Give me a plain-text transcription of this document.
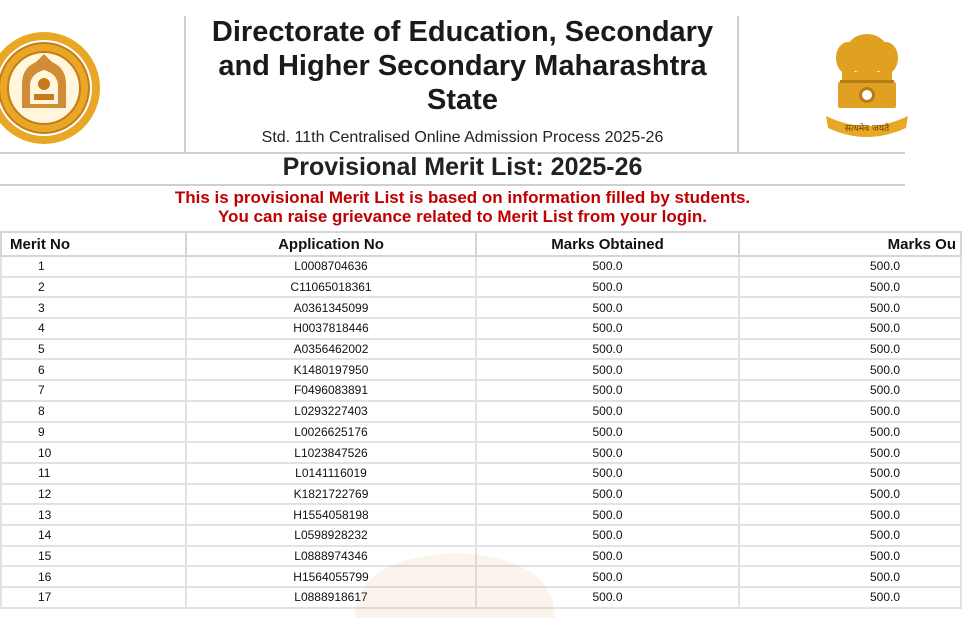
सत्यमेव जयते
Directorate of Education, Secondary
and Higher Secondary Maharashtra
State
Std. 11th Centralised Online Admission Process 2025-26
Provisional Merit List: 2025-26
This is provisional Merit List is based on information filled by students.
You can raise grievance related to Merit List from your login.
Merit No	Application No	Marks Obtained	Marks Ou
1	L0008704636	500.0	500.0
2	C11065018361	500.0	500.0
3	A0361345099	500.0	500.0
4	H0037818446	500.0	500.0
5	A0356462002	500.0	500.0
6	K1480197950	500.0	500.0
7	F0496083891	500.0	500.0
8	L0293227403	500.0	500.0
9	L0026625176	500.0	500.0
10	L1023847526	500.0	500.0
11	L0141116019	500.0	500.0
12	K1821722769	500.0	500.0
13	H1554058198	500.0	500.0
14	L0598928232	500.0	500.0
15	L0888974346	500.0	500.0
16	H1564055799	500.0	500.0
17	L0888918617	500.0	500.0
